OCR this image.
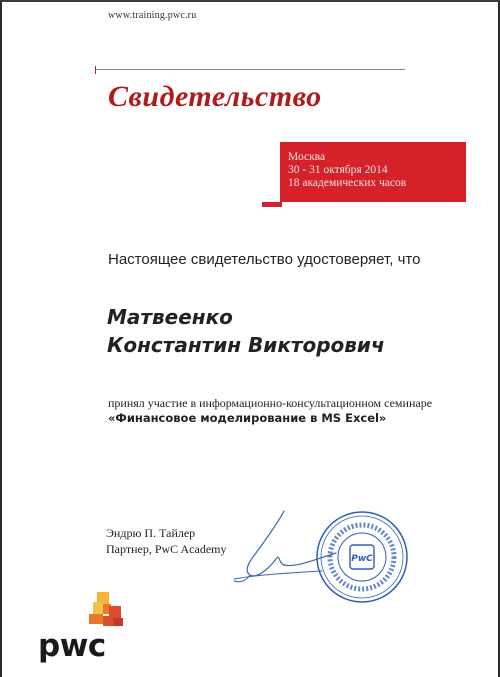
www.training.pwc.ru
Свидетельство
Москва
30 - 31 октября 2014
18 академических часов
Настоящее свидетельство удостоверяет, что
Матвеенко
Константин Викторович
принял участие в информационно-консультационном семинаре «Финансовое моделирование в MS Excel»
Эндрю П. Тайлер
Партнер, PwC Academy
PwC
pwc
